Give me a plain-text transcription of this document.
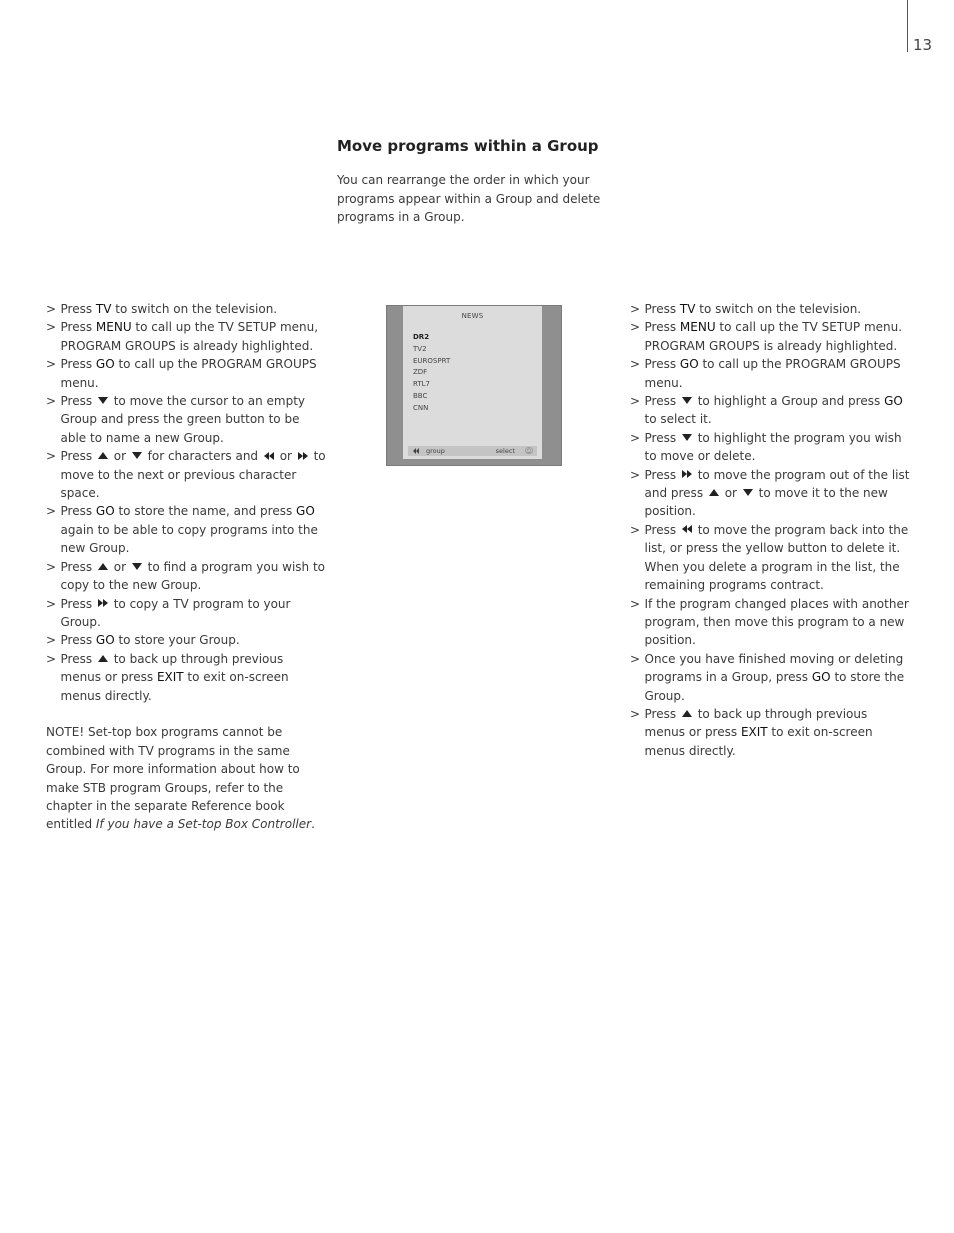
13
Move programs within a Group
You can rearrange the order in which your programs appear within a Group and delete programs in a Group.
> Press TV to switch on the television.
> Press MENU to call up the TV SETUP menu, PROGRAM GROUPS is already highlighted.
> Press GO to call up the PROGRAM GROUPS menu.
> Press  to move the cursor to an empty Group and press the green button to be able to name a new Group.
> Press  or  for characters and
or
to move to the next or previous character space.
> Press GO to store the name, and press GO again to be able to copy programs into the new Group.
> Press  or  to find a program you wish to copy to the new Group.
> Press
to copy a TV program to your Group.
> Press GO to store your Group.
> Press  to back up through previous menus or press EXIT to exit on-screen menus directly.

NOTE! Set-top box programs cannot be combined with TV programs in the same Group. For more information about how to make STB program Groups, refer to the chapter in the separate Reference book entitled If you have a Set-top Box Controller.

NEWS
DR2
TV2
EUROSPRT
ZDF
RTL7
BBC
CNN
group	select	GO
> Press TV to switch on the television.
> Press MENU to call up the TV SETUP menu. PROGRAM GROUPS is already highlighted.
> Press GO to call up the PROGRAM GROUPS menu.
> Press  to highlight a Group and press GO to select it.
> Press  to highlight the program you wish to move or delete.
> Press
to move the program out of the list and press  or  to move it to the new position.
> Press
to move the program back into the list, or press the yellow button to delete it. When you delete a program in the list, the remaining programs contract.
> If the program changed places with another program, then move this program to a new position.
> Once you have finished moving or deleting programs in a Group, press GO to store the Group.
> Press  to back up through previous menus or press EXIT to exit on-screen menus directly.
